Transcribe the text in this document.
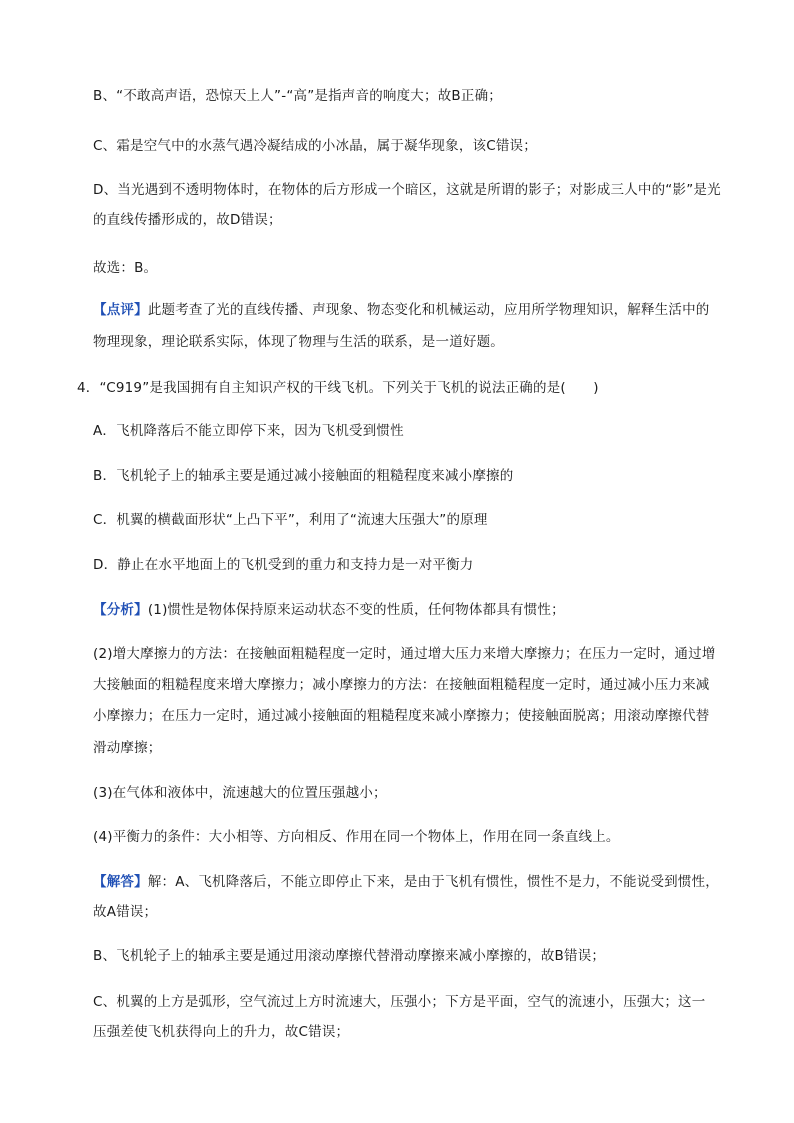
B、“不敢高声语，恐惊天上人”-“高”是指声音的响度大；故B正确；
C、霜是空气中的水蒸气遇冷凝结成的小冰晶，属于凝华现象，该C错误；
D、当光遇到不透明物体时，在物体的后方形成一个暗区，这就是所谓的影子；对影成三人中的“影”是光
的直线传播形成的，故D错误；
故选：B。
【点评】此题考查了光的直线传播、声现象、物态变化和机械运动，应用所学物理知识，解释生活中的
物理现象，理论联系实际，体现了物理与生活的联系，是一道好题。
4．“C919”是我国拥有自主知识产权的干线飞机。下列关于飞机的说法正确的是(　　)
A．飞机降落后不能立即停下来，因为飞机受到惯性
B．飞机轮子上的轴承主要是通过减小接触面的粗糙程度来减小摩擦的
C．机翼的横截面形状“上凸下平”，利用了“流速大压强大”的原理
D．静止在水平地面上的飞机受到的重力和支持力是一对平衡力
【分析】(1)惯性是物体保持原来运动状态不变的性质，任何物体都具有惯性；
(2)增大摩擦力的方法：在接触面粗糙程度一定时，通过增大压力来增大摩擦力；在压力一定时，通过增
大接触面的粗糙程度来增大摩擦力；减小摩擦力的方法：在接触面粗糙程度一定时，通过减小压力来减
小摩擦力；在压力一定时，通过减小接触面的粗糙程度来减小摩擦力；使接触面脱离；用滚动摩擦代替
滑动摩擦；
(3)在气体和液体中，流速越大的位置压强越小；
(4)平衡力的条件：大小相等、方向相反、作用在同一个物体上，作用在同一条直线上。
【解答】解：A、飞机降落后，不能立即停止下来，是由于飞机有惯性，惯性不是力，不能说受到惯性，
故A错误；
B、飞机轮子上的轴承主要是通过用滚动摩擦代替滑动摩擦来减小摩擦的，故B错误；
C、机翼的上方是弧形，空气流过上方时流速大，压强小；下方是平面，空气的流速小，压强大；这一
压强差使飞机获得向上的升力，故C错误；
